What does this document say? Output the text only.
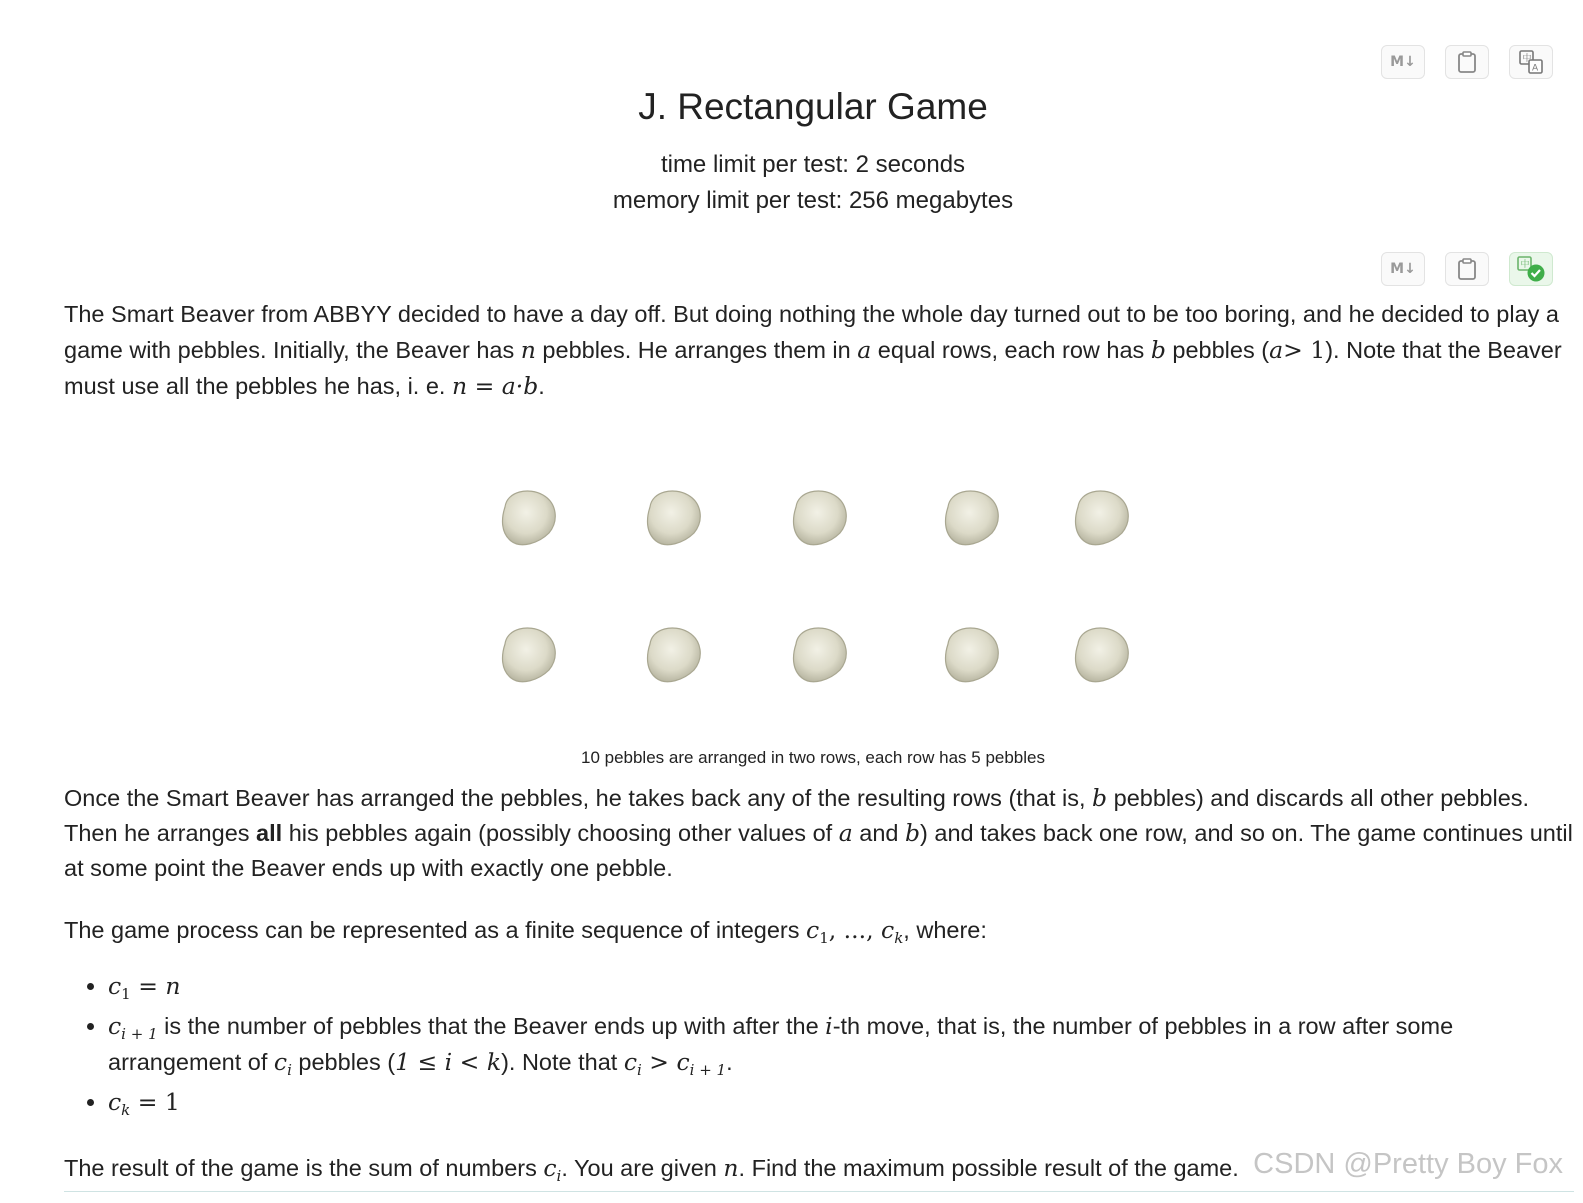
M↓	中
A
J. Rectangular Game
time limit per test: 2 seconds
memory limit per test: 256 megabytes
M↓	中
The Smart Beaver from ABBYY decided to have a day off. But doing nothing the whole day turned out to be too boring, and he decided to play a game with pebbles. Initially, the Beaver has n pebbles. He arranges them in a equal rows, each row has b pebbles (a> 1). Note that the Beaver must use all the pebbles he has, i. e. n = a·b.
10 pebbles are arranged in two rows, each row has 5 pebbles
Once the Smart Beaver has arranged the pebbles, he takes back any of the resulting rows (that is, b pebbles) and discards all other pebbles. Then he arranges all his pebbles again (possibly choosing other values of a and b) and takes back one row, and so on. The game continues until at some point the Beaver ends up with exactly one pebble.
The game process can be represented as a finite sequence of integers $c_1$, ..., $c_k$, where:
• $c_1 = n$
• $c_{i + 1}$ is the number of pebbles that the Beaver ends up with after the i-th move, that is, the number of pebbles in a row after some arrangement of $c_i$ pebbles (1 ≤ i < k). Note that $c_i > c_{i + 1}$.
• $c_k = 1$
The result of the game is the sum of numbers $c_i$. You are given n. Find the maximum possible result of the game. CSDN @Pretty Boy Fox
